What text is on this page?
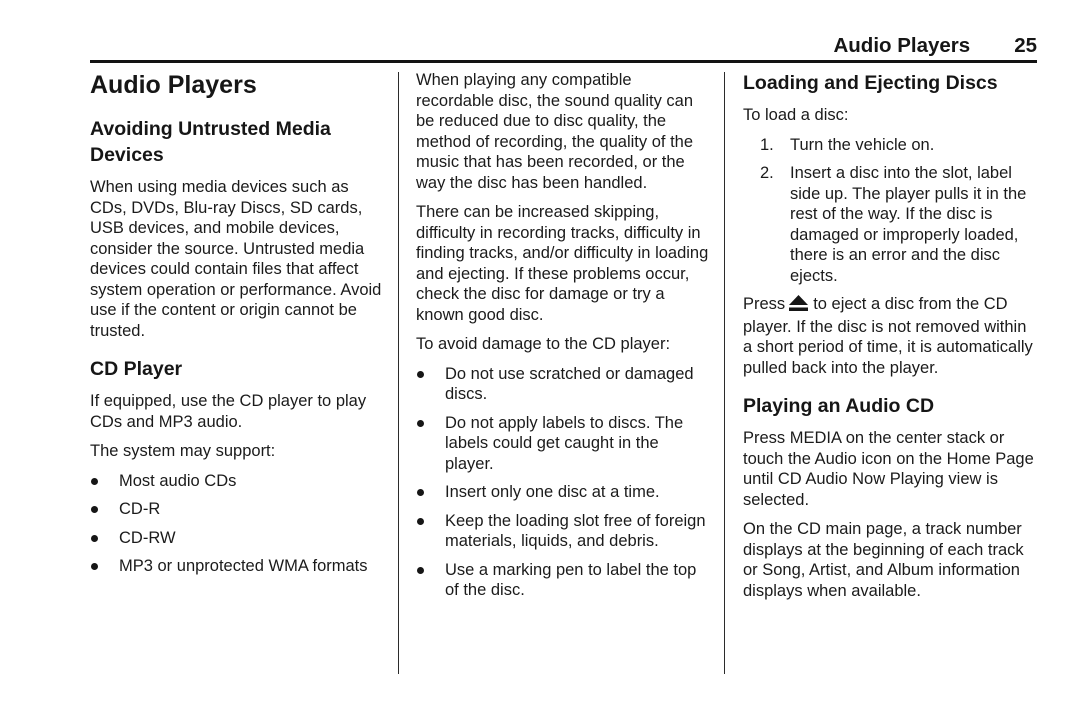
Audio Players 25
Audio Players
Avoiding Untrusted Media Devices

When using media devices such as CDs, DVDs, Blu-ray Discs, SD cards, USB devices, and mobile devices, consider the source. Untrusted media devices could contain files that affect system operation or performance. Avoid use if the content or origin cannot be trusted.

CD Player

If equipped, use the CD player to play CDs and MP3 audio.

The system may support:

Most audio CDs
CD-R
CD-RW
MP3 or unprotected WMA formats

When playing any compatible recordable disc, the sound quality can be reduced due to disc quality, the method of recording, the quality of the music that has been recorded, or the way the disc has been handled.

There can be increased skipping, difficulty in recording tracks, difficulty in finding tracks, and/or difficulty in loading and ejecting. If these problems occur, check the disc for damage or try a known good disc.

To avoid damage to the CD player:

Do not use scratched or damaged discs.
Do not apply labels to discs. The labels could get caught in the player.
Insert only one disc at a time.
Keep the loading slot free of foreign materials, liquids, and debris.
Use a marking pen to label the top of the disc.
Loading and Ejecting Discs

To load a disc:

1. Turn the vehicle on.
2. Insert a disc into the slot, label side up. The player pulls it in the rest of the way. If the disc is damaged or improperly loaded, there is an error and the disc ejects.

Press to eject a disc from the CD player. If the disc is not removed within a short period of time, it is automatically pulled back into the player.

Playing an Audio CD

Press MEDIA on the center stack or touch the Audio icon on the Home Page until CD Audio Now Playing view is selected.

On the CD main page, a track number displays at the beginning of each track or Song, Artist, and Album information displays when available.
